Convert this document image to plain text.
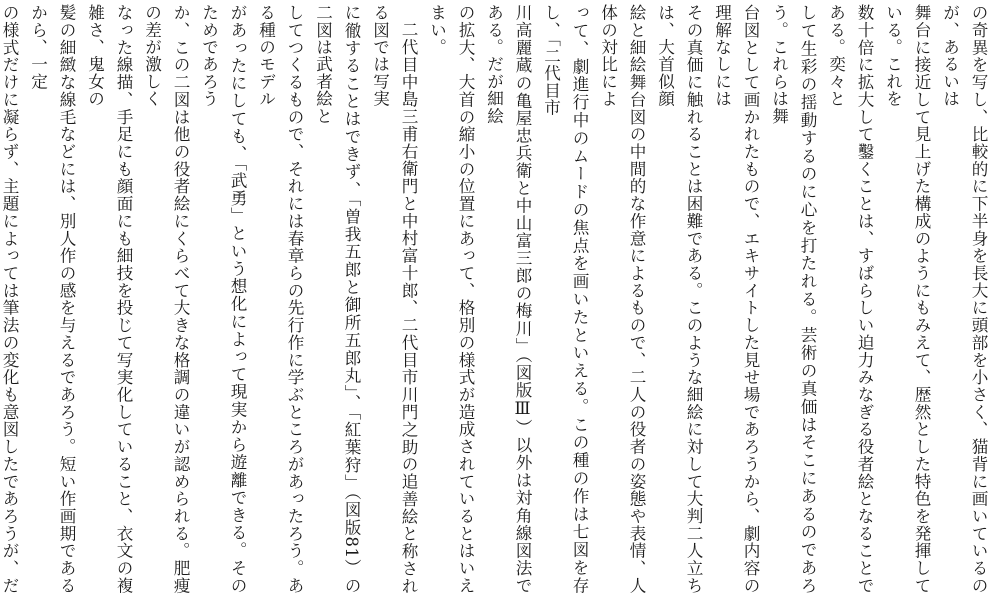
の奇異を写し、比較的に下半身を長大に頭部を小さく、猫背に画いているのが、あるいは
舞台に接近して見上げた構成のようにもみえて、歴然とした特色を発揮している。これを
数十倍に拡大して鑿くことは、すばらしい迫力みなぎる役者絵となることである。奕々と
して生彩の揺動するのに心を打たれる。芸術の真価はそこにあるのであろう。これらは舞
台図として画かれたもので、エキサイトした見せ場であろうから、劇内容の理解なしには
その真価に触れることは困難である。このような細絵に対して大判二人立ちは、大首似顔
絵と細絵舞台図の中間的な作意によるもので、二人の役者の姿態や表情、人体の対比によ
って、劇進行中のムードの焦点を画いたといえる。この種の作は七図を存し、「二代目市
川高麗蔵の亀屋忠兵衛と中山富三郎の梅川」（図版Ⅲ）以外は対角線図法である。だが細絵
の拡大、大首の縮小の位置にあって、格別の様式が造成されているとはいえまい。
二代目中島三甫右衛門と中村富十郎、二代目市川門之助の追善絵と称される図では写実
に徹することはできず、「曽我五郎と御所五郎丸」、「紅葉狩」（図版81）の二図は武者絵と
してつくるもので、それには春章らの先行作に学ぶところがあったろう。ある種のモデル
があったにしても、「武勇」という想化によって現実から遊離できる。そのためであろう
か、この二図は他の役者絵にくらべて大きな格調の違いが認められる。肥痩の差が激しく
なった線描、手足にも顔面にも細技を投じて写実化していること、衣文の複雑さ、鬼女の
髪の細緻な線毛などには、別人作の感を与えるであろう。短い作画期であるから、一定
の様式だけに凝らず、主題によっては筆法の変化も意図したであろうが、だ
